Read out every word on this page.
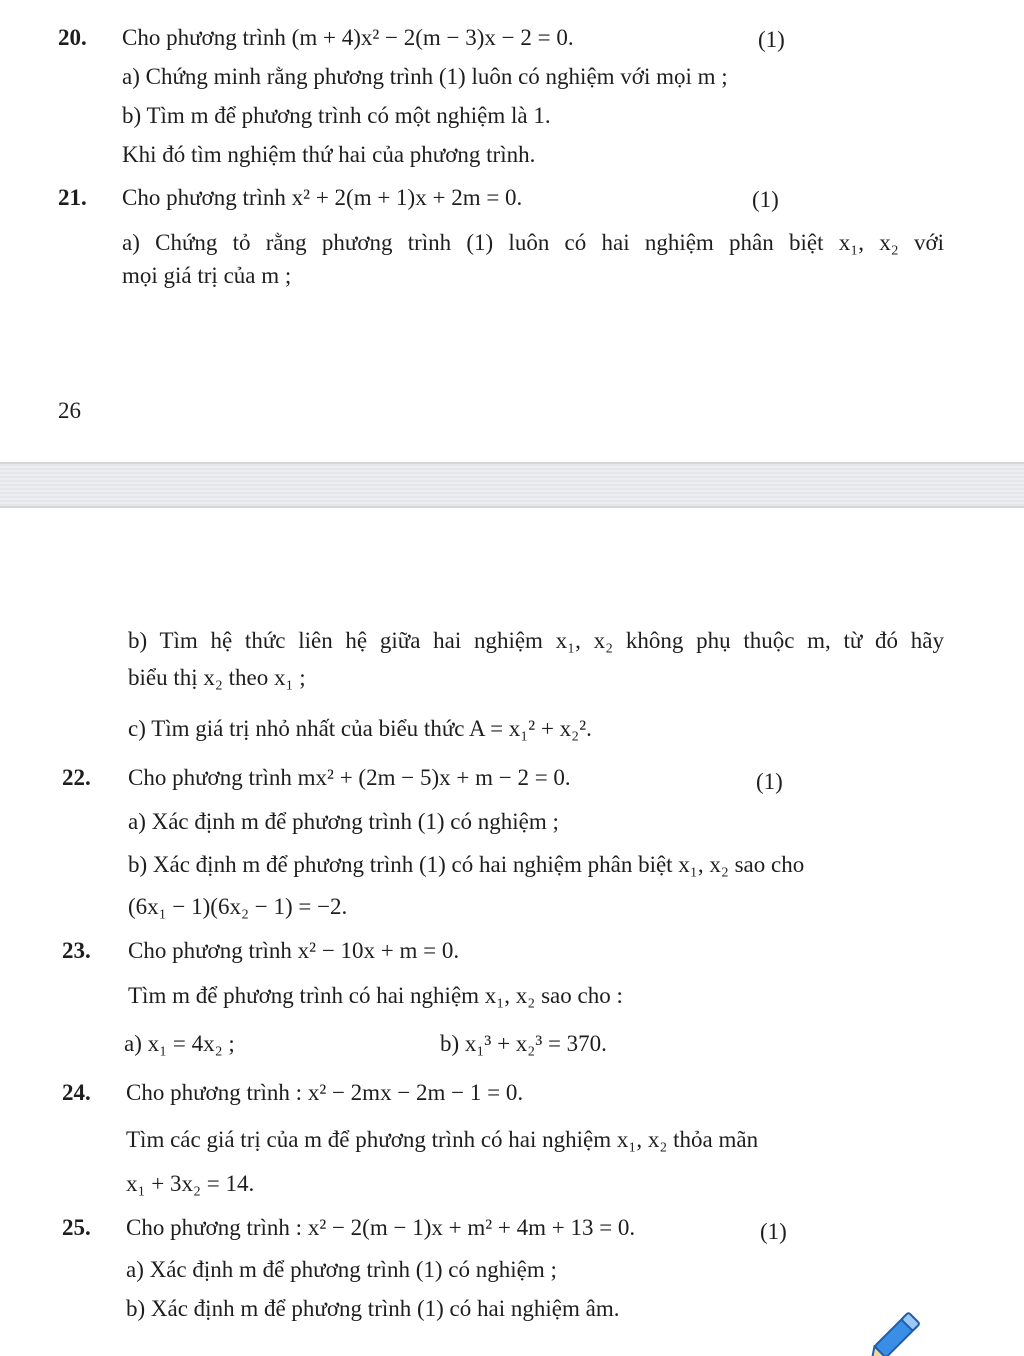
20. Cho phương trình (m + 4)x² − 2(m − 3)x − 2 = 0.	(1)
a) Chứng minh rằng phương trình (1) luôn có nghiệm với mọi m ;
b) Tìm m để phương trình có một nghiệm là 1.
Khi đó tìm nghiệm thứ hai của phương trình.
21. Cho phương trình x² + 2(m + 1)x + 2m = 0.	(1)
a) Chứng tỏ rằng phương trình (1) luôn có hai nghiệm phân biệt x₁, x₂ với
mọi giá trị của m ;
26
b) Tìm hệ thức liên hệ giữa hai nghiệm x₁, x₂ không phụ thuộc m, từ đó hãy
biểu thị x₂ theo x₁ ;
c) Tìm giá trị nhỏ nhất của biểu thức A = x₁² + x₂².
22. Cho phương trình mx² + (2m − 5)x + m − 2 = 0.	(1)
a) Xác định m để phương trình (1) có nghiệm ;
b) Xác định m để phương trình (1) có hai nghiệm phân biệt x₁, x₂ sao cho
(6x₁ − 1)(6x₂ − 1) = −2.
23. Cho phương trình x² − 10x + m = 0.
Tìm m để phương trình có hai nghiệm x₁, x₂ sao cho :
a) x₁ = 4x₂ ;	b) x₁³ + x₂³ = 370.
24. Cho phương trình : x² − 2mx − 2m − 1 = 0.
Tìm các giá trị của m để phương trình có hai nghiệm x₁, x₂ thỏa mãn
x₁ + 3x₂ = 14.
25. Cho phương trình : x² − 2(m − 1)x + m² + 4m + 13 = 0.	(1)
a) Xác định m để phương trình (1) có nghiệm ;
b) Xác định m để phương trình (1) có hai nghiệm âm.
